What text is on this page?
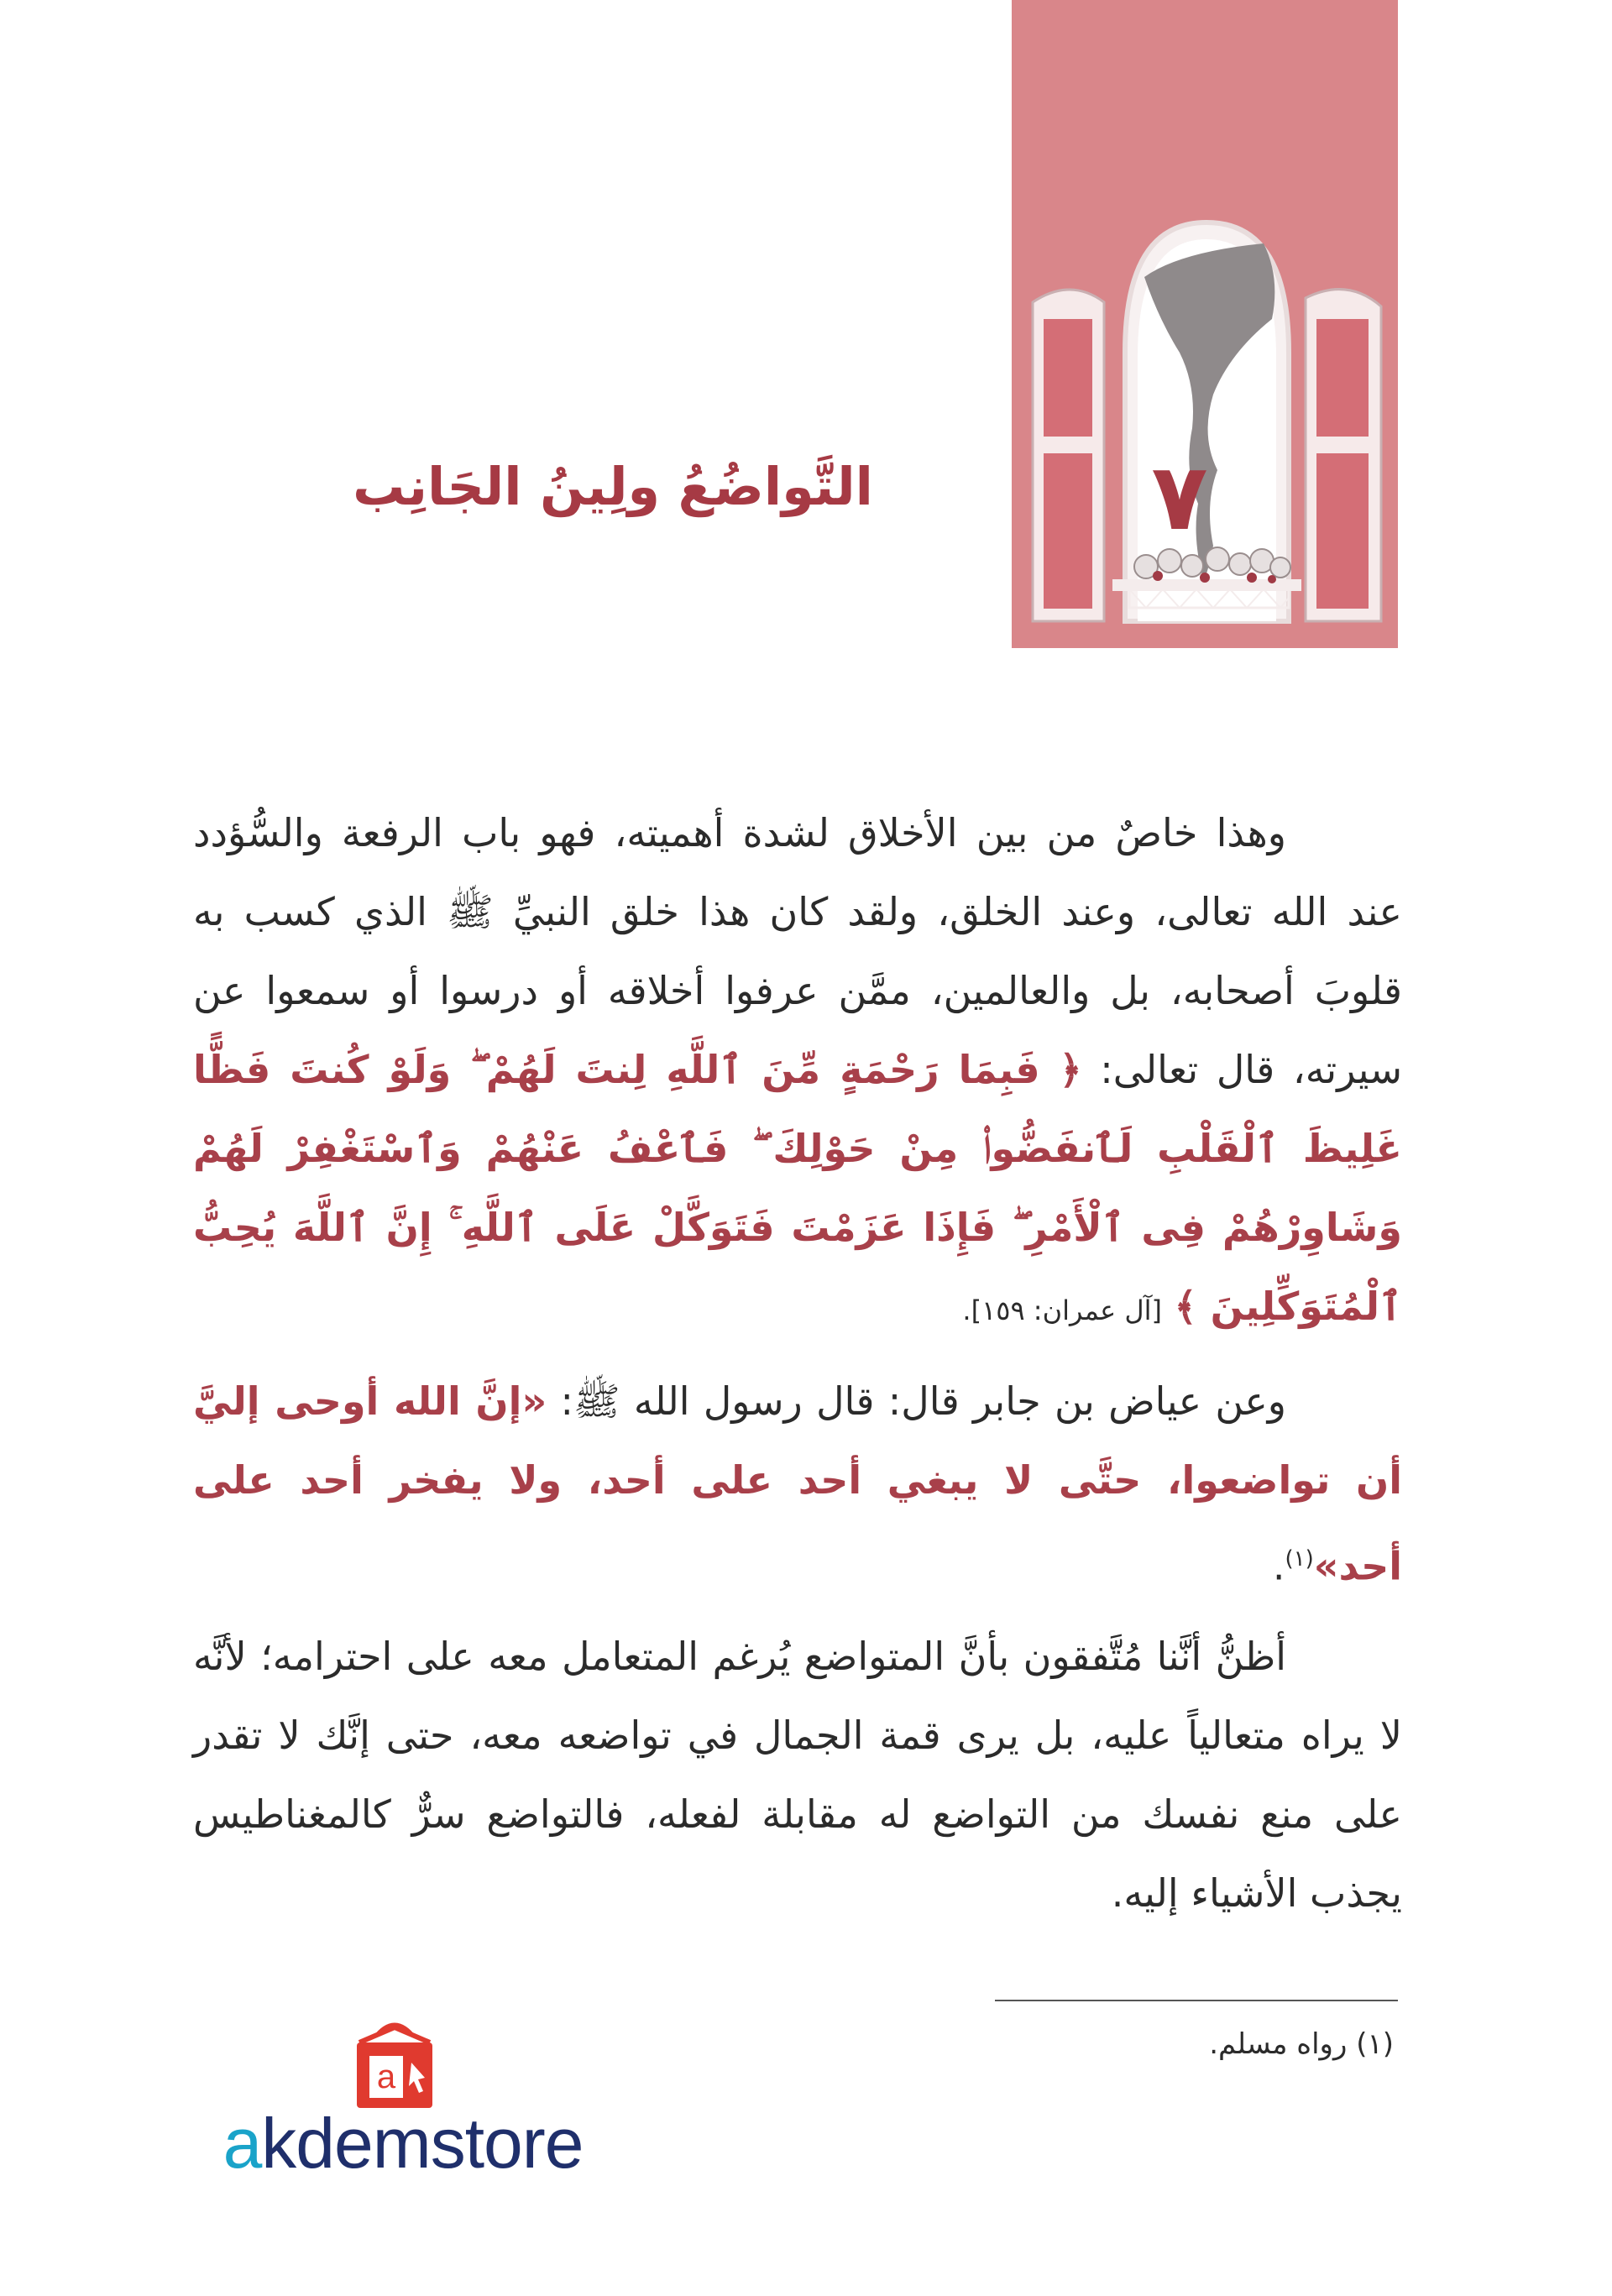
٧
التَّواضُعُ ولِينُ الجَانِب

وهذا خاصٌ من بين الأخلاق لشدة أهميته، فهو باب الرفعة والسُّؤدد عند الله تعالى، وعند الخلق، ولقد كان هذا خلق النبيِّ ﷺ الذي كسب به قلوبَ أصحابه، بل والعالمين، ممَّن عرفوا أخلاقه أو درسوا أو سمعوا عن سيرته، قال تعالى: ﴿ فَبِمَا رَحْمَةٍ مِّنَ ٱللَّهِ لِنتَ لَهُمْ ۖ وَلَوْ كُنتَ فَظًّا غَلِيظَ ٱلْقَلْبِ لَٱنفَضُّوا۟ مِنْ حَوْلِكَ ۖ فَٱعْفُ عَنْهُمْ وَٱسْتَغْفِرْ لَهُمْ وَشَاوِرْهُمْ فِى ٱلْأَمْرِ ۖ فَإِذَا عَزَمْتَ فَتَوَكَّلْ عَلَى ٱللَّهِ ۚ إِنَّ ٱللَّهَ يُحِبُّ ٱلْمُتَوَكِّلِينَ ﴾ [آل عمران: ١٥٩].

وعن عياض بن جابر قال: قال رسول الله ﷺ: «إنَّ الله أوحى إليَّ أن تواضعوا، حتَّى لا يبغي أحد على أحد، ولا يفخر أحد على أحد»$^{(١)}$.

أظنُّ أنَّنا مُتَّفقون بأنَّ المتواضع يُرغم المتعامل معه على احترامه؛ لأنَّه لا يراه متعالياً عليه، بل يرى قمة الجمال في تواضعه معه، حتى إنَّك لا تقدر على منع نفسك من التواضع له مقابلة لفعله، فالتواضع سرٌّ كالمغناطيس يجذب الأشياء إليه.

(١) رواه مسلم.
a
akdemstore
